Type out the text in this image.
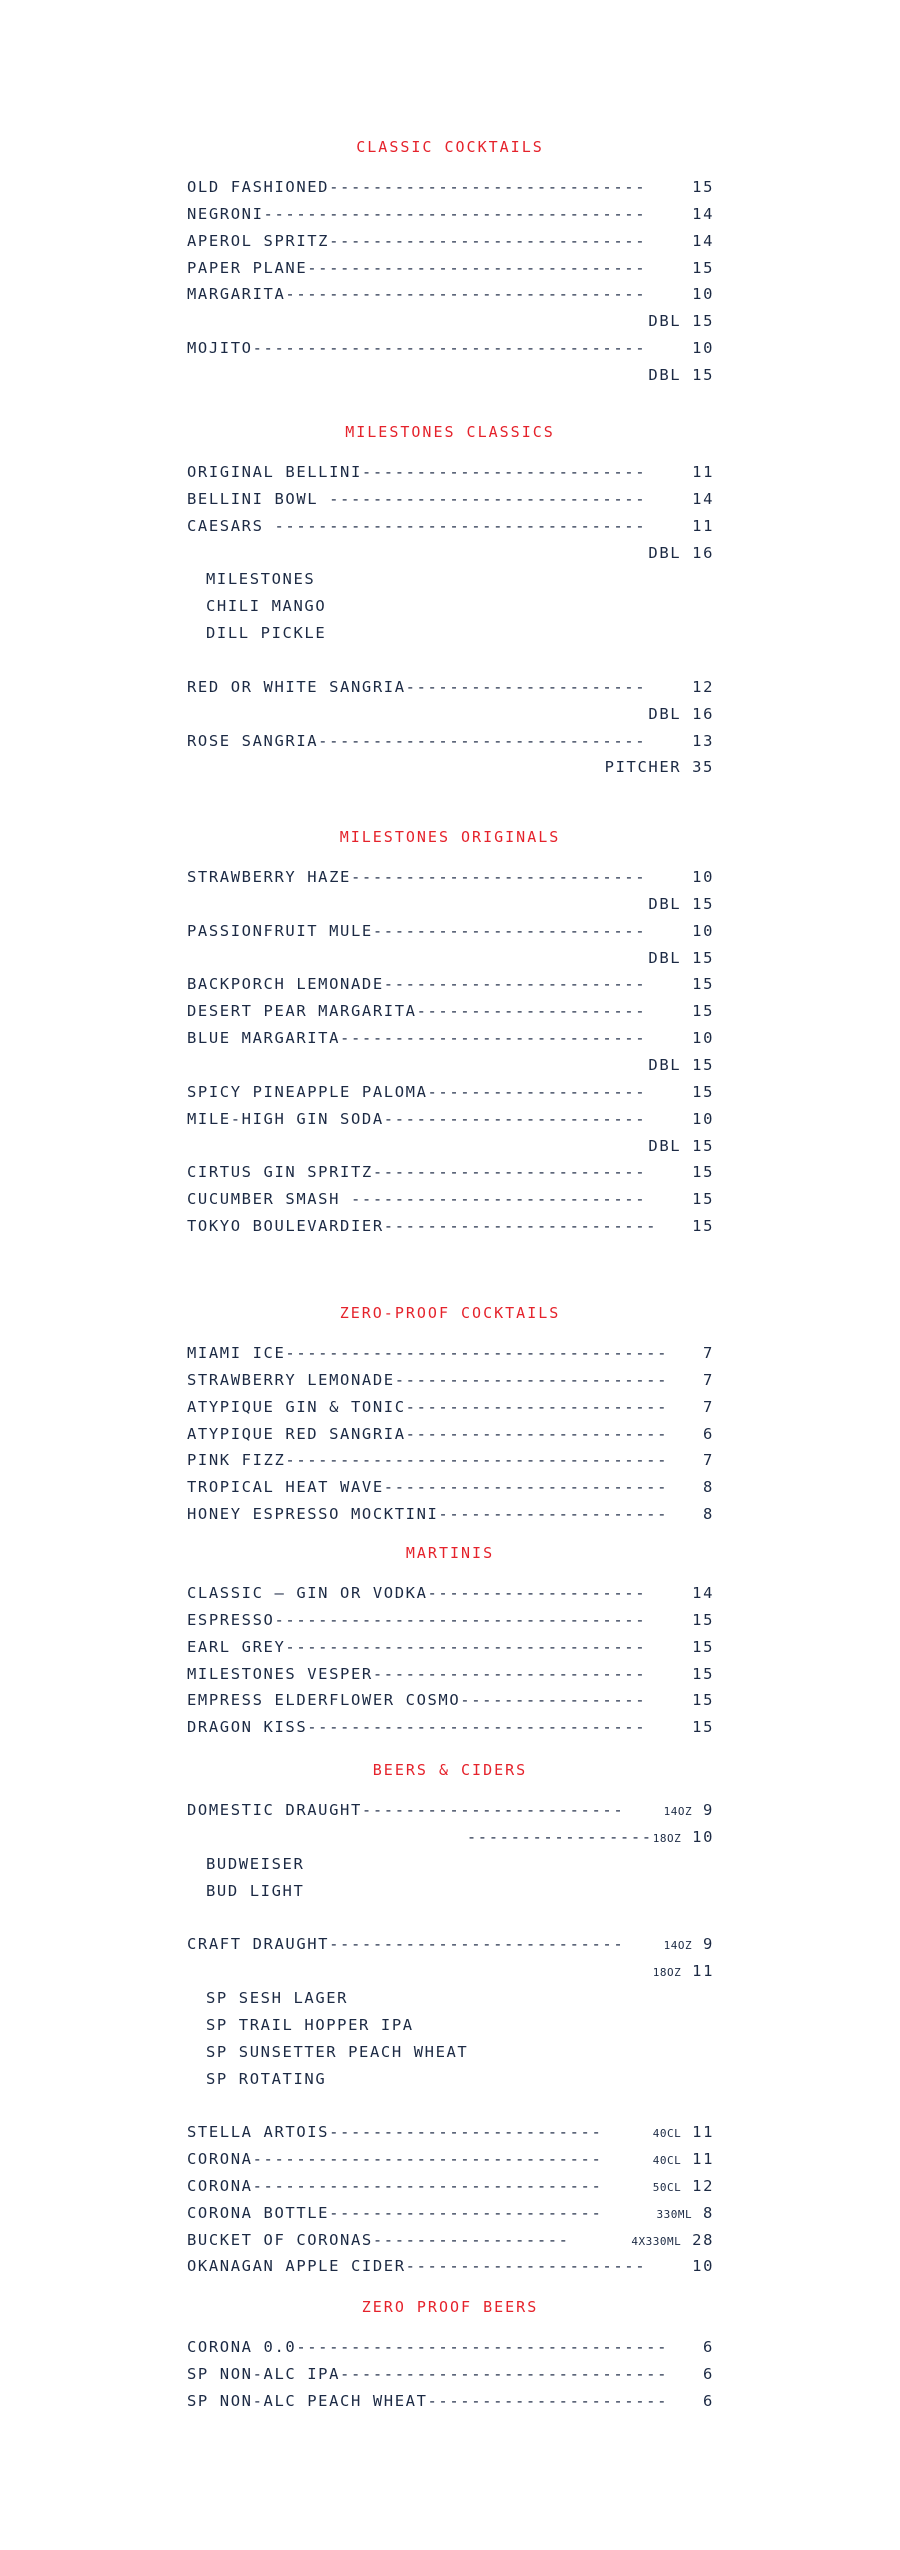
CLASSIC COCKTAILS
OLD FASHIONED-----------------------------	15
NEGRONI-----------------------------------	14
APEROL SPRITZ-----------------------------	14
PAPER PLANE-------------------------------	15
MARGARITA---------------------------------	10
DBL 15
MOJITO------------------------------------	10
DBL 15
MILESTONES CLASSICS
ORIGINAL BELLINI--------------------------	11
BELLINI BOWL -----------------------------	14
CAESARS ----------------------------------	11
DBL 16
MILESTONES
CHILI MANGO
DILL PICKLE
RED OR WHITE SANGRIA----------------------	12
DBL 16
ROSE SANGRIA------------------------------	13
PITCHER 35
MILESTONES ORIGINALS
STRAWBERRY HAZE---------------------------	10
DBL 15
PASSIONFRUIT MULE-------------------------	10
DBL 15
BACKPORCH LEMONADE------------------------	15
DESERT PEAR MARGARITA---------------------	15
BLUE MARGARITA----------------------------	10
DBL 15
SPICY PINEAPPLE PALOMA--------------------	15
MILE-HIGH GIN SODA------------------------	10
DBL 15
CIRTUS GIN SPRITZ-------------------------	15
CUCUMBER SMASH ---------------------------	15
TOKYO BOULEVARDIER-------------------------	15
ZERO-PROOF COCKTAILS
MIAMI ICE-----------------------------------	7
STRAWBERRY LEMONADE-------------------------	7
ATYPIQUE GIN & TONIC------------------------	7
ATYPIQUE RED SANGRIA------------------------	6
PINK FIZZ-----------------------------------	7
TROPICAL HEAT WAVE--------------------------	8
HONEY ESPRESSO MOCKTINI---------------------	8
MARTINIS
CLASSIC – GIN OR VODKA--------------------	14
ESPRESSO----------------------------------	15
EARL GREY---------------------------------	15
MILESTONES VESPER-------------------------	15
EMPRESS ELDERFLOWER COSMO-----------------	15
DRAGON KISS-------------------------------	15
BEERS & CIDERS
DOMESTIC DRAUGHT------------------------	14OZ 9
-----------------18OZ 10
BUDWEISER
BUD LIGHT
CRAFT DRAUGHT---------------------------	14OZ 9
18OZ 11
SP SESH LAGER
SP TRAIL HOPPER IPA
SP SUNSETTER PEACH WHEAT
SP ROTATING
STELLA ARTOIS-------------------------	40CL 11
CORONA--------------------------------	40CL 11
CORONA--------------------------------	50CL 12
CORONA BOTTLE-------------------------	330ML 8
BUCKET OF CORONAS------------------	4X330ML 28
OKANAGAN APPLE CIDER----------------------	10
ZERO PROOF BEERS
CORONA 0.0----------------------------------	6
SP NON-ALC IPA------------------------------	6
SP NON-ALC PEACH WHEAT----------------------	6
